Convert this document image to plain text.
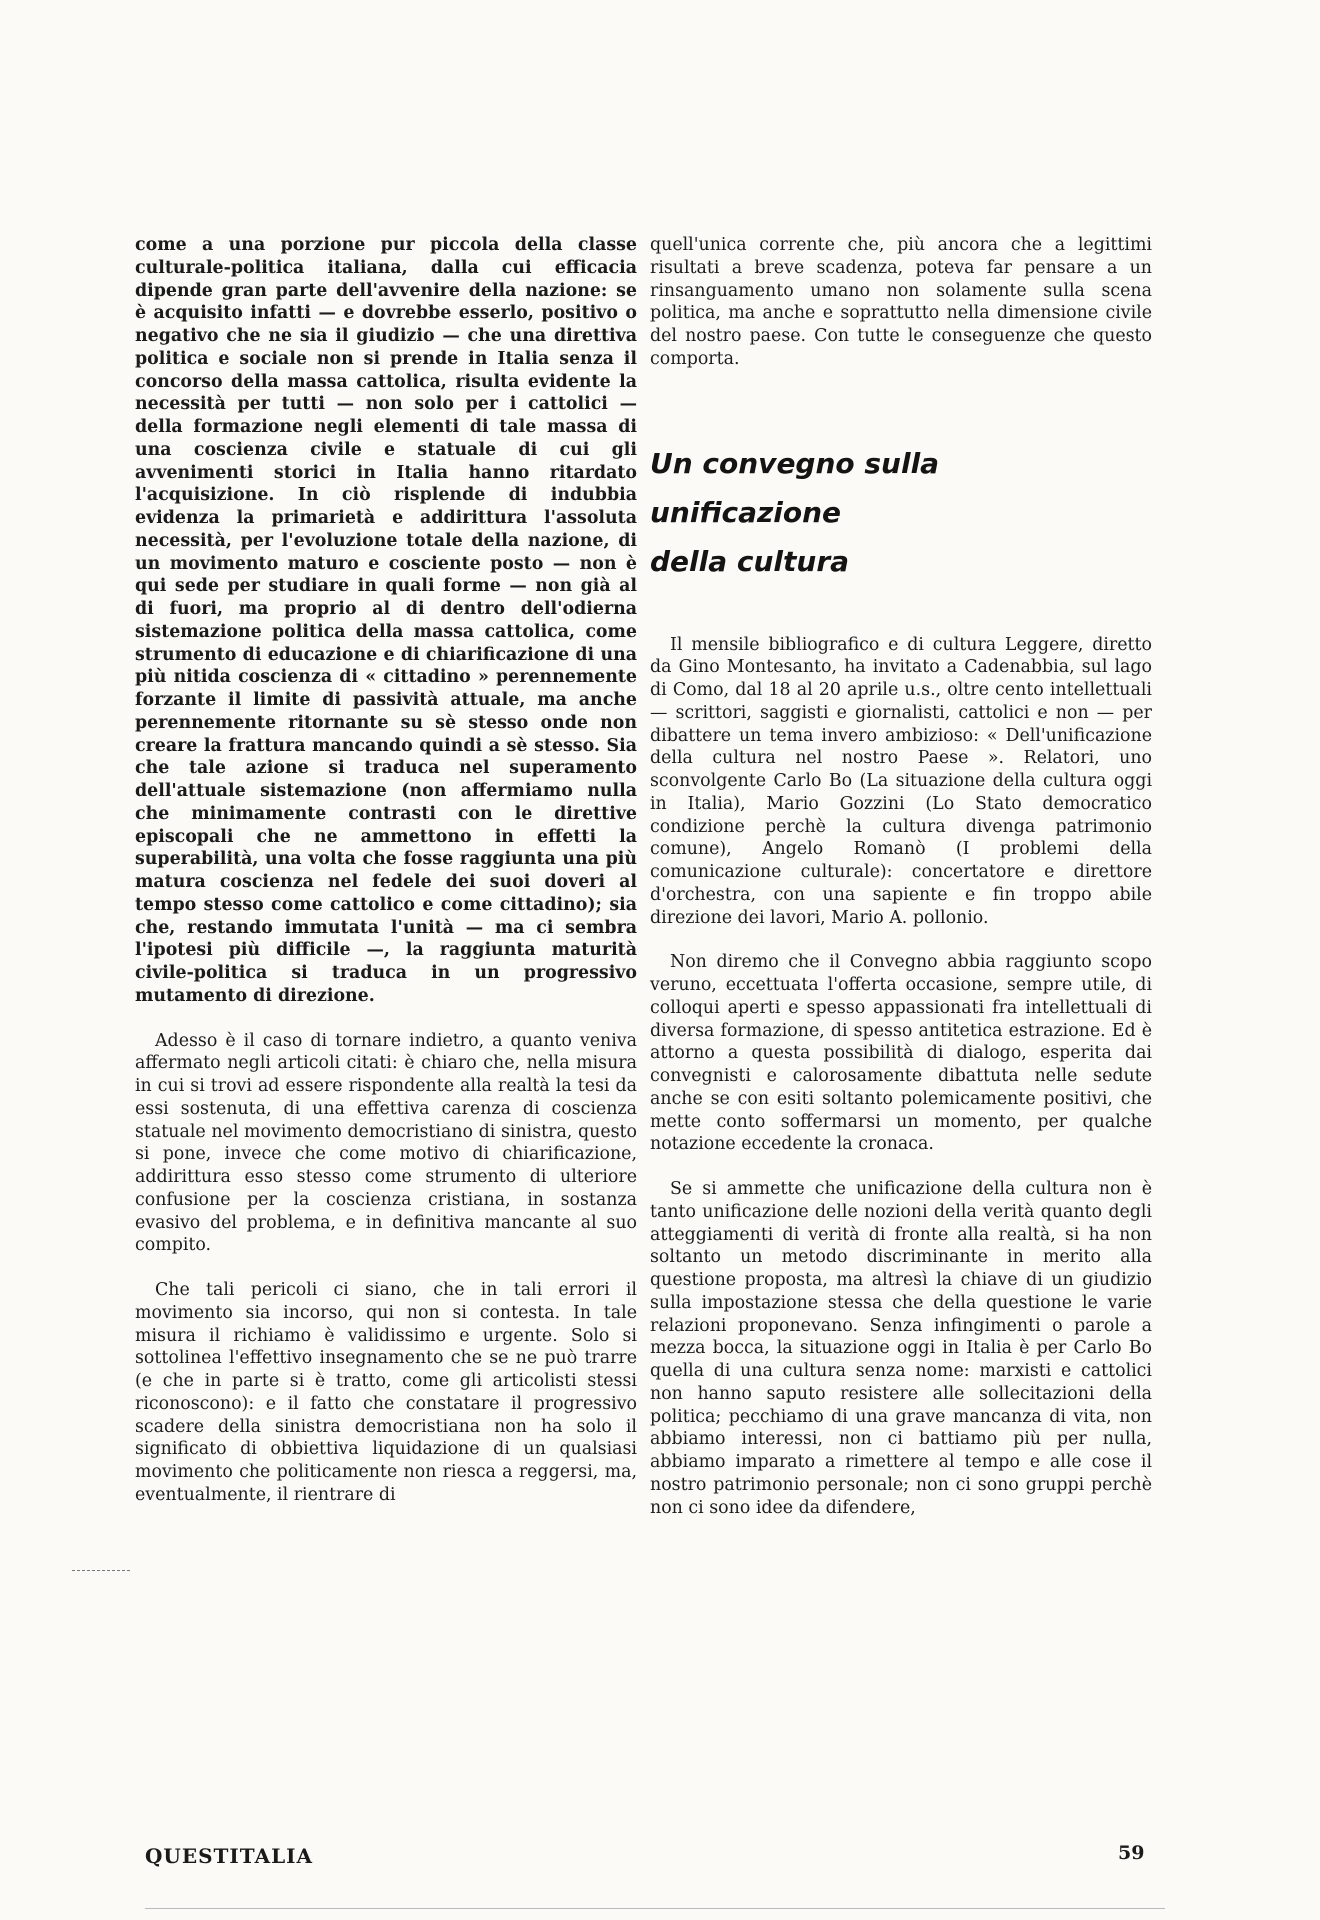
come a una porzione pur piccola della classe culturale-politica italiana, dalla cui efficacia dipende gran parte dell'avvenire della nazione: se è acquisito infatti — e dovrebbe esserlo, positivo o negativo che ne sia il giudizio — che una direttiva politica e sociale non si prende in Italia senza il concorso della massa cattolica, risulta evidente la necessità per tutti — non solo per i cattolici — della formazione negli elementi di tale massa di una coscienza civile e statuale di cui gli avvenimenti storici in Italia hanno ritardato l'acquisizione. In ciò risplende di indubbia evidenza la primarietà e addirittura l'assoluta necessità, per l'evoluzione totale della nazione, di un movimento maturo e cosciente posto — non è qui sede per studiare in quali forme — non già al di fuori, ma proprio al di dentro dell'odierna sistemazione politica della massa cattolica, come strumento di educazione e di chiarificazione di una più nitida coscienza di « cittadino » perennemente forzante il limite di passività attuale, ma anche perennemente ritornante su sè stesso onde non creare la frattura mancando quindi a sè stesso. Sia che tale azione si traduca nel superamento dell'attuale sistemazione (non affermiamo nulla che minimamente contrasti con le direttive episcopali che ne ammettono in effetti la superabilità, una volta che fosse raggiunta una più matura coscienza nel fedele dei suoi doveri al tempo stesso come cattolico e come cittadino); sia che, restando immutata l'unità — ma ci sembra l'ipotesi più difficile —, la raggiunta maturità civile-politica si traduca in un progressivo mutamento di direzione.

Adesso è il caso di tornare indietro, a quanto veniva affermato negli articoli citati: è chiaro che, nella misura in cui si trovi ad essere rispondente alla realtà la tesi da essi sostenuta, di una effettiva carenza di coscienza statuale nel movimento democristiano di sinistra, questo si pone, invece che come motivo di chiarificazione, addirittura esso stesso come strumento di ulteriore confusione per la coscienza cristiana, in sostanza evasivo del problema, e in definitiva mancante al suo compito.

Che tali pericoli ci siano, che in tali errori il movimento sia incorso, qui non si contesta. In tale misura il richiamo è validissimo e urgente. Solo si sottolinea l'effettivo insegnamento che se ne può trarre (e che in parte si è tratto, come gli articolisti stessi riconoscono): e il fatto che constatare il progressivo scadere della sinistra democristiana non ha solo il significato di obbiettiva liquidazione di un qualsiasi movimento che politicamente non riesca a reggersi, ma, eventualmente, il rientrare di

quell'unica corrente che, più ancora che a legittimi risultati a breve scadenza, poteva far pensare a un rinsanguamento umano non solamente sulla scena politica, ma anche e soprattutto nella dimensione civile del nostro paese. Con tutte le conseguenze che questo comporta.

Un convegno sulla
unificazione
della cultura

Il mensile bibliografico e di cultura Leggere, diretto da Gino Montesanto, ha invitato a Cadenabbia, sul lago di Como, dal 18 al 20 aprile u.s., oltre cento intellettuali — scrittori, saggisti e giornalisti, cattolici e non — per dibattere un tema invero ambizioso: « Dell'unificazione della cultura nel nostro Paese ». Relatori, uno sconvolgente Carlo Bo (La situazione della cultura oggi in Italia), Mario Gozzini (Lo Stato democratico condizione perchè la cultura divenga patrimonio comune), Angelo Romanò (I problemi della comunicazione culturale): concertatore e direttore d'orchestra, con una sapiente e fin troppo abile direzione dei lavori, Mario A. pollonio.

Non diremo che il Convegno abbia raggiunto scopo veruno, eccettuata l'offerta occasione, sempre utile, di colloqui aperti e spesso appassionati fra intellettuali di diversa formazione, di spesso antitetica estrazione. Ed è attorno a questa possibilità di dialogo, esperita dai convegnisti e calorosamente dibattuta nelle sedute anche se con esiti soltanto polemicamente positivi, che mette conto soffermarsi un momento, per qualche notazione eccedente la cronaca.

Se si ammette che unificazione della cultura non è tanto unificazione delle nozioni della verità quanto degli atteggiamenti di verità di fronte alla realtà, si ha non soltanto un metodo discriminante in merito alla questione proposta, ma altresì la chiave di un giudizio sulla impostazione stessa che della questione le varie relazioni proponevano. Senza infingimenti o parole a mezza bocca, la situazione oggi in Italia è per Carlo Bo quella di una cultura senza nome: marxisti e cattolici non hanno saputo resistere alle sollecitazioni della politica; pecchiamo di una grave mancanza di vita, non abbiamo interessi, non ci battiamo più per nulla, abbiamo imparato a rimettere al tempo e alle cose il nostro patrimonio personale; non ci sono gruppi perchè non ci sono idee da difendere,

QUESTITALIA	59
